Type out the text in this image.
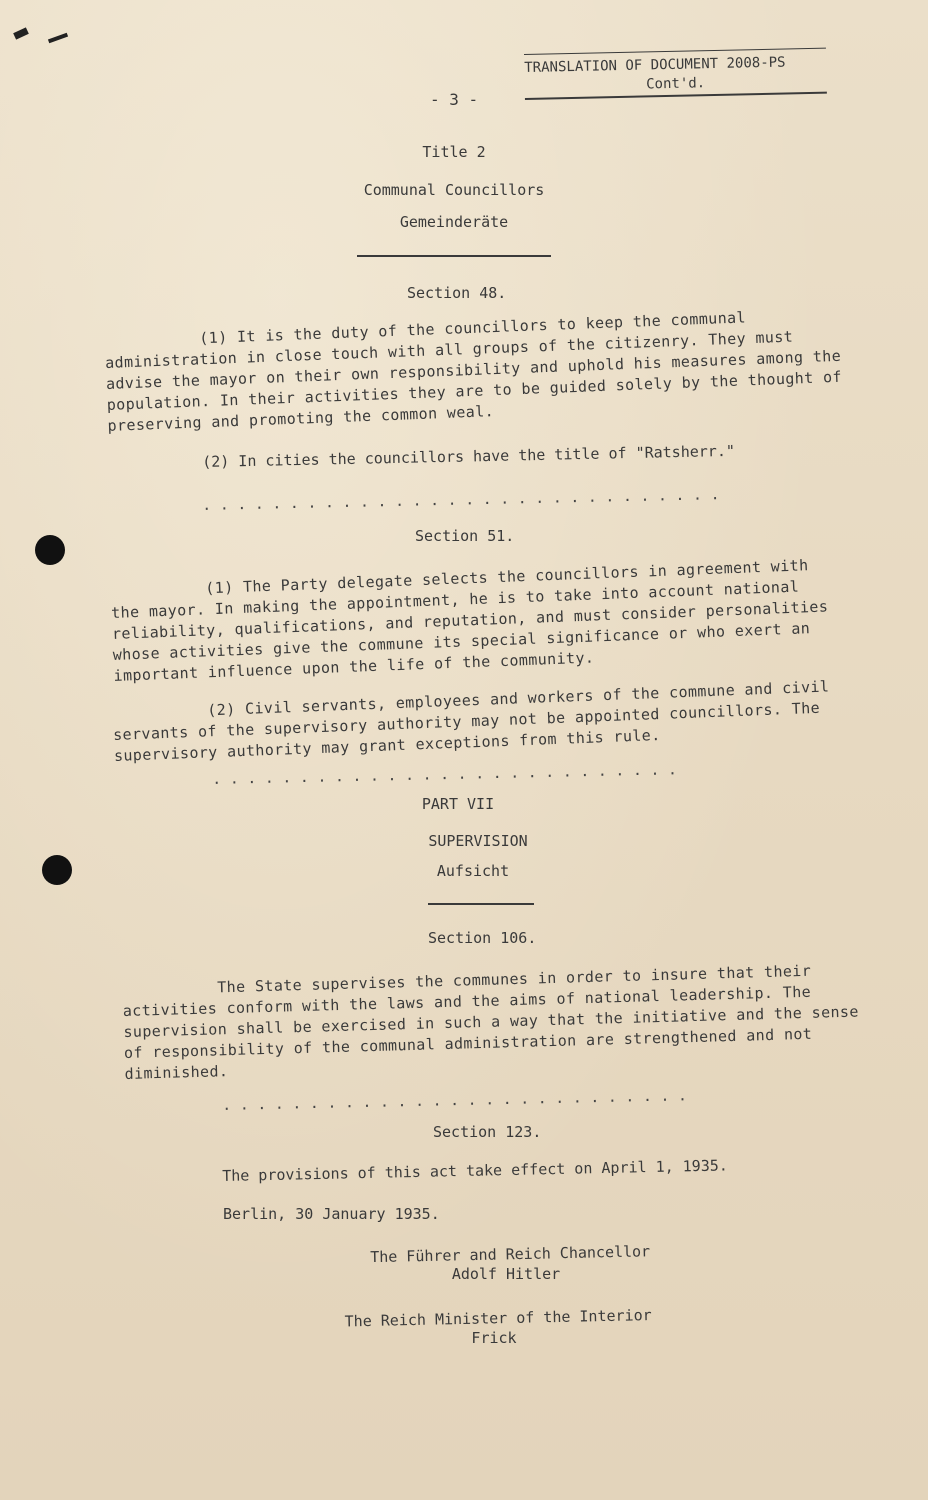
TRANSLATION OF DOCUMENT 2008-PS
Cont'd.
- 3 -
Title 2
Communal Councillors
Gemeinderäte
Section 48.
(1) It is the duty of the councillors to keep the communal administration in close touch with all groups of the citizenry. They must advise the mayor on their own responsibility and uphold his measures among the population. In their activities they are to be guided solely by the thought of preserving and promoting the common weal.
(2) In cities the councillors have the title of "Ratsherr."
..............................
Section 51.
(1) The Party delegate selects the councillors in agreement with the mayor. In making the appointment, he is to take into account national reliability, qualifications, and reputation, and must consider personalities whose activities give the commune its special significance or who exert an important influence upon the life of the community.
(2) Civil servants, employees and workers of the commune and civil servants of the supervisory authority may not be appointed councillors. The supervisory authority may grant exceptions from this rule.
...........................
PART VII
SUPERVISION
Aufsicht
Section 106.
The State supervises the communes in order to insure that their activities conform with the laws and the aims of national leadership. The supervision shall be exercised in such a way that the initiative and the sense of responsibility of the communal administration are strengthened and not diminished.
...........................
Section 123.
The provisions of this act take effect on April 1, 1935.
Berlin, 30 January 1935.
The Führer and Reich Chancellor
Adolf Hitler
The Reich Minister of the Interior
Frick
